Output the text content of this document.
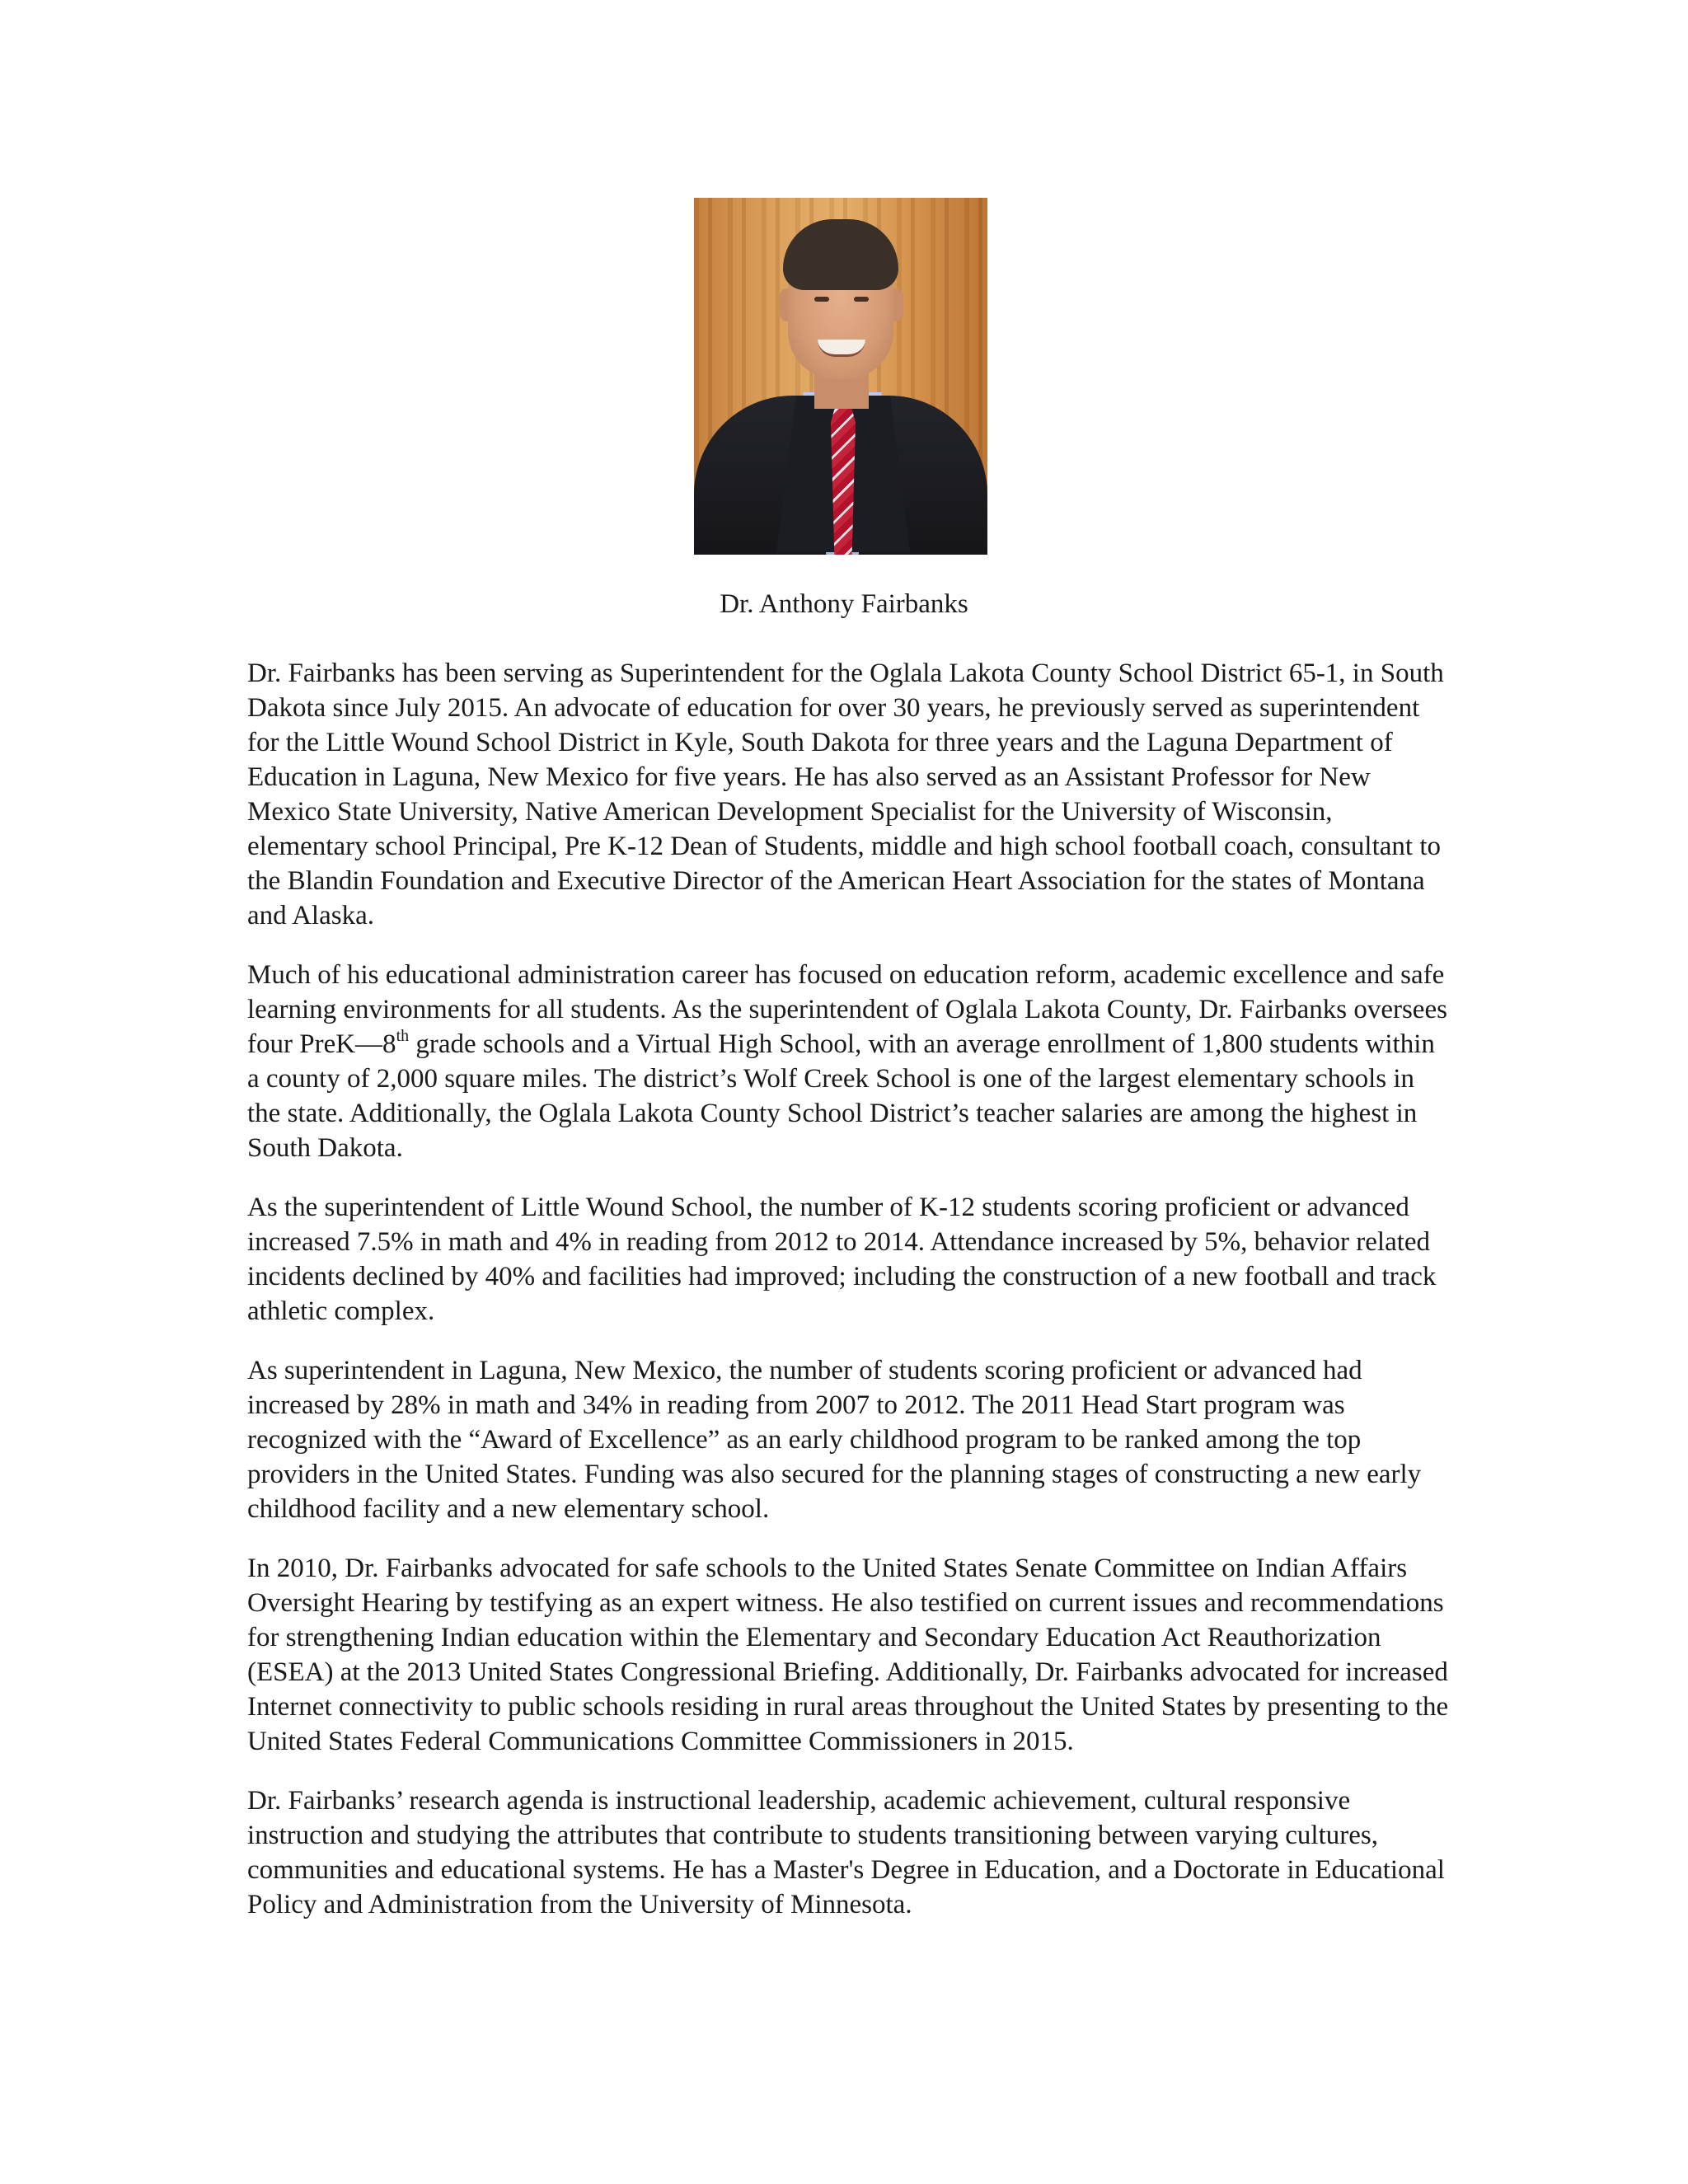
Dr. Anthony Fairbanks

Dr. Fairbanks has been serving as Superintendent for the Oglala Lakota County School District 65-1, in South Dakota since July 2015. An advocate of education for over 30 years, he previously served as superintendent for the Little Wound School District in Kyle, South Dakota for three years and the Laguna Department of Education in Laguna, New Mexico for five years. He has also served as an Assistant Professor for New Mexico State University, Native American Development Specialist for the University of Wisconsin, elementary school Principal, Pre K-12 Dean of Students, middle and high school football coach, consultant to the Blandin Foundation and Executive Director of the American Heart Association for the states of Montana and Alaska.

Much of his educational administration career has focused on education reform, academic excellence and safe learning environments for all students. As the superintendent of Oglala Lakota County, Dr. Fairbanks oversees four PreK—8th grade schools and a Virtual High School, with an average enrollment of 1,800 students within a county of 2,000 square miles. The district’s Wolf Creek School is one of the largest elementary schools in the state. Additionally, the Oglala Lakota County School District’s teacher salaries are among the highest in South Dakota.

As the superintendent of Little Wound School, the number of K-12 students scoring proficient or advanced increased 7.5% in math and 4% in reading from 2012 to 2014. Attendance increased by 5%, behavior related incidents declined by 40% and facilities had improved; including the construction of a new football and track athletic complex.

As superintendent in Laguna, New Mexico, the number of students scoring proficient or advanced had increased by 28% in math and 34% in reading from 2007 to 2012. The 2011 Head Start program was recognized with the “Award of Excellence” as an early childhood program to be ranked among the top providers in the United States. Funding was also secured for the planning stages of constructing a new early childhood facility and a new elementary school.

In 2010, Dr. Fairbanks advocated for safe schools to the United States Senate Committee on Indian Affairs Oversight Hearing by testifying as an expert witness. He also testified on current issues and recommendations for strengthening Indian education within the Elementary and Secondary Education Act Reauthorization (ESEA) at the 2013 United States Congressional Briefing. Additionally, Dr. Fairbanks advocated for increased Internet connectivity to public schools residing in rural areas throughout the United States by presenting to the United States Federal Communications Committee Commissioners in 2015.

Dr. Fairbanks’ research agenda is instructional leadership, academic achievement, cultural responsive instruction and studying the attributes that contribute to students transitioning between varying cultures, communities and educational systems. He has a Master's Degree in Education, and a Doctorate in Educational Policy and Administration from the University of Minnesota.
